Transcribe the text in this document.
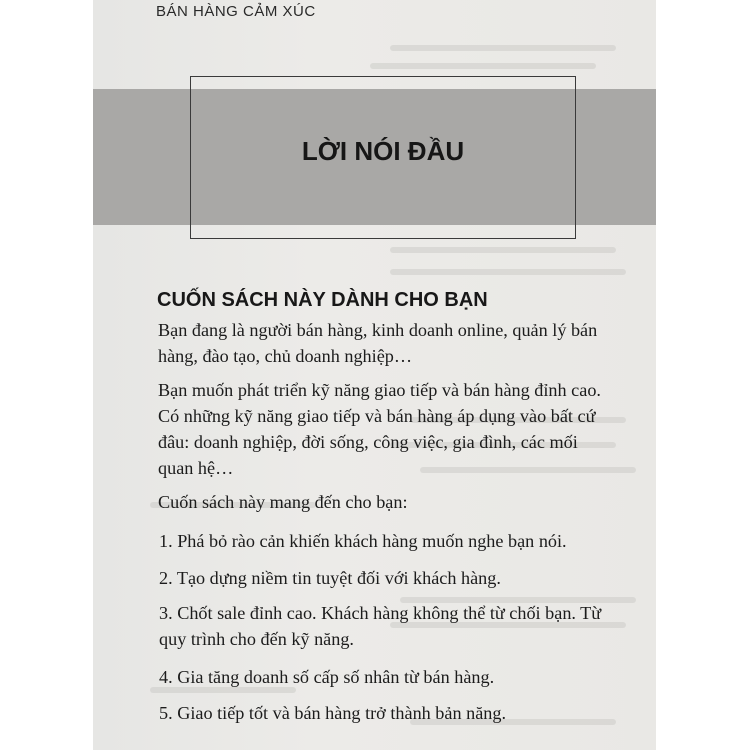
BÁN HÀNG CẢM XÚC
LỜI NÓI ĐẦU
CUỐN SÁCH NÀY DÀNH CHO BẠN

Bạn đang là người bán hàng, kinh doanh online, quản lý bán
hàng, đào tạo, chủ doanh nghiệp…

Bạn muốn phát triển kỹ năng giao tiếp và bán hàng đỉnh cao.
Có những kỹ năng giao tiếp và bán hàng áp dụng vào bất cứ
đâu: doanh nghiệp, đời sống, công việc, gia đình, các mối
quan hệ…

Cuốn sách này mang đến cho bạn:

1. Phá bỏ rào cản khiến khách hàng muốn nghe bạn nói.

2. Tạo dựng niềm tin tuyệt đối với khách hàng.

3. Chốt sale đỉnh cao. Khách hàng không thể từ chối bạn. Từ
quy trình cho đến kỹ năng.

4. Gia tăng doanh số cấp số nhân từ bán hàng.

5. Giao tiếp tốt và bán hàng trở thành bản năng.
